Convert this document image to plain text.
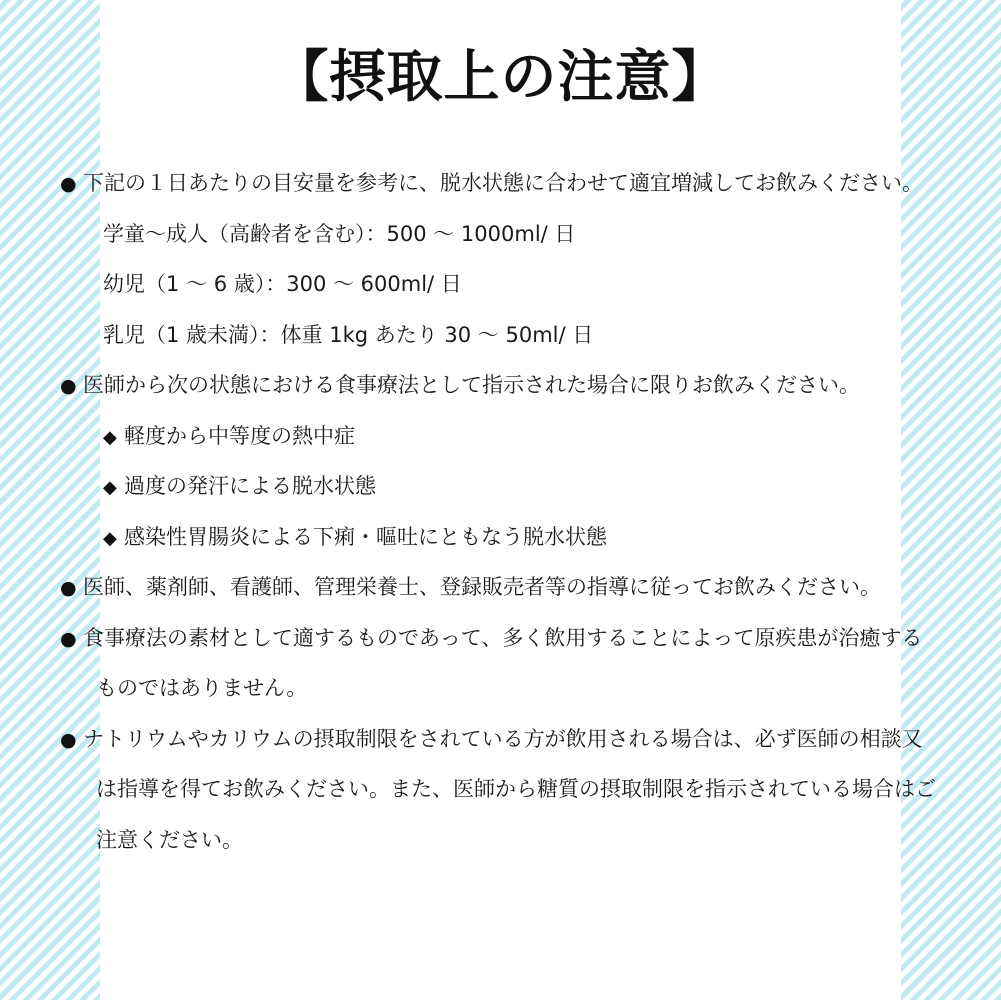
【摂取上の注意】
● 下記の１日あたりの目安量を参考に、脱水状態に合わせて適宜増減してお飲みください。
学童〜成人（高齢者を含む）：500 〜 1000ml/ 日
幼児（1 〜 6 歳）：300 〜 600ml/ 日
乳児（1 歳未満）：体重 1kg あたり 30 〜 50ml/ 日
● 医師から次の状態における食事療法として指示された場合に限りお飲みください。
◆ 軽度から中等度の熱中症
◆ 過度の発汗による脱水状態
◆ 感染性胃腸炎による下痢・嘔吐にともなう脱水状態
● 医師、薬剤師、看護師、管理栄養士、登録販売者等の指導に従ってお飲みください。
● 食事療法の素材として適するものであって、多く飲用することによって原疾患が治癒する
ものではありません。
● ナトリウムやカリウムの摂取制限をされている方が飲用される場合は、必ず医師の相談又
は指導を得てお飲みください。また、医師から糖質の摂取制限を指示されている場合はご
注意ください。
